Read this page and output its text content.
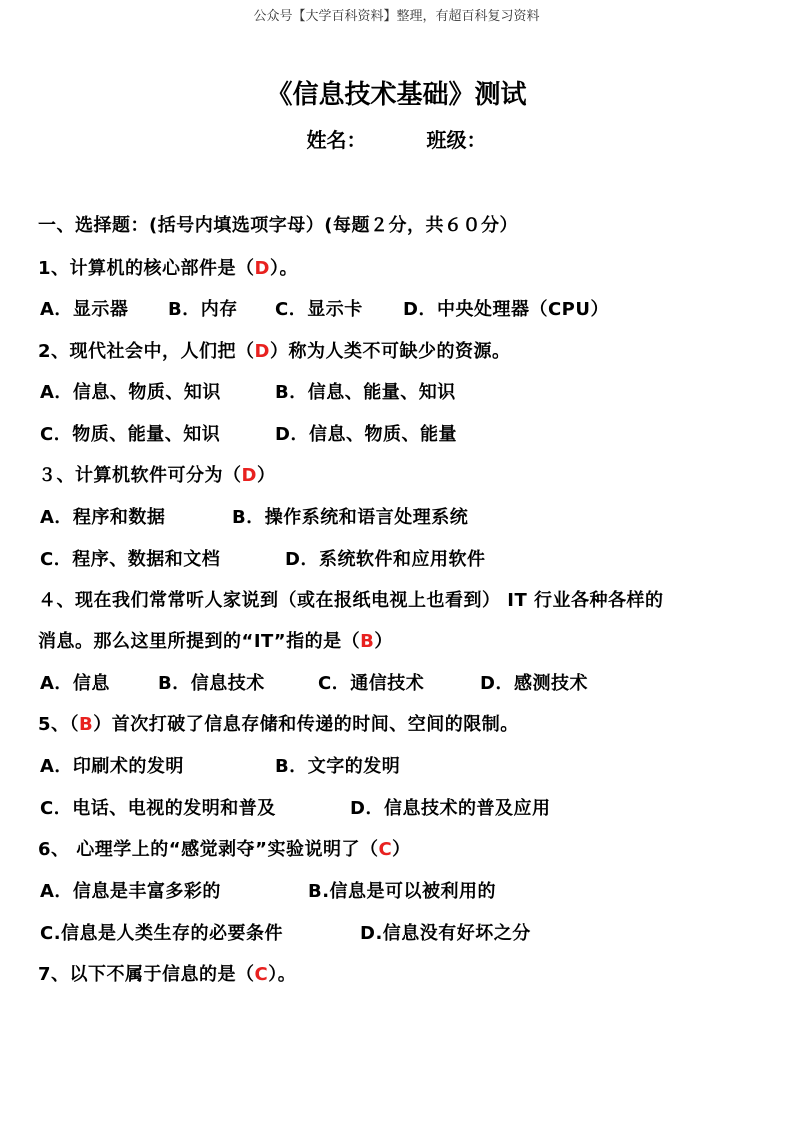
公众号【大学百科资料】整理，有超百科复习资料
《信息技术基础》测试
姓名：	班级：
一、选择题：(括号内填选项字母）(每题２分，共６０分）
1、计算机的核心部件是（D）。
A．显示器 B．内存 C．显示卡 D．中央处理器（CPU）
2、现代社会中，人们把（D）称为人类不可缺少的资源。
A．信息、物质、知识	B．信息、能量、知识
C．物质、能量、知识	D．信息、物质、能量
３、计算机软件可分为（D）
A．程序和数据	B．操作系统和语言处理系统
C．程序、数据和文档	D．系统软件和应用软件
４、现在我们常常听人家说到（或在报纸电视上也看到） IT 行业各种各样的
消息。那么这里所提到的“IT”指的是（B）
A．信息	B．信息技术	C．通信技术	D．感测技术
5、（B）首次打破了信息存储和传递的时间、空间的限制。
A．印刷术的发明	B．文字的发明
C．电话、电视的发明和普及	D．信息技术的普及应用
6、 心理学上的“感觉剥夺”实验说明了（C）
A．信息是丰富多彩的	B.信息是可以被利用的
C.信息是人类生存的必要条件	D.信息没有好坏之分
7、以下不属于信息的是（C）。
